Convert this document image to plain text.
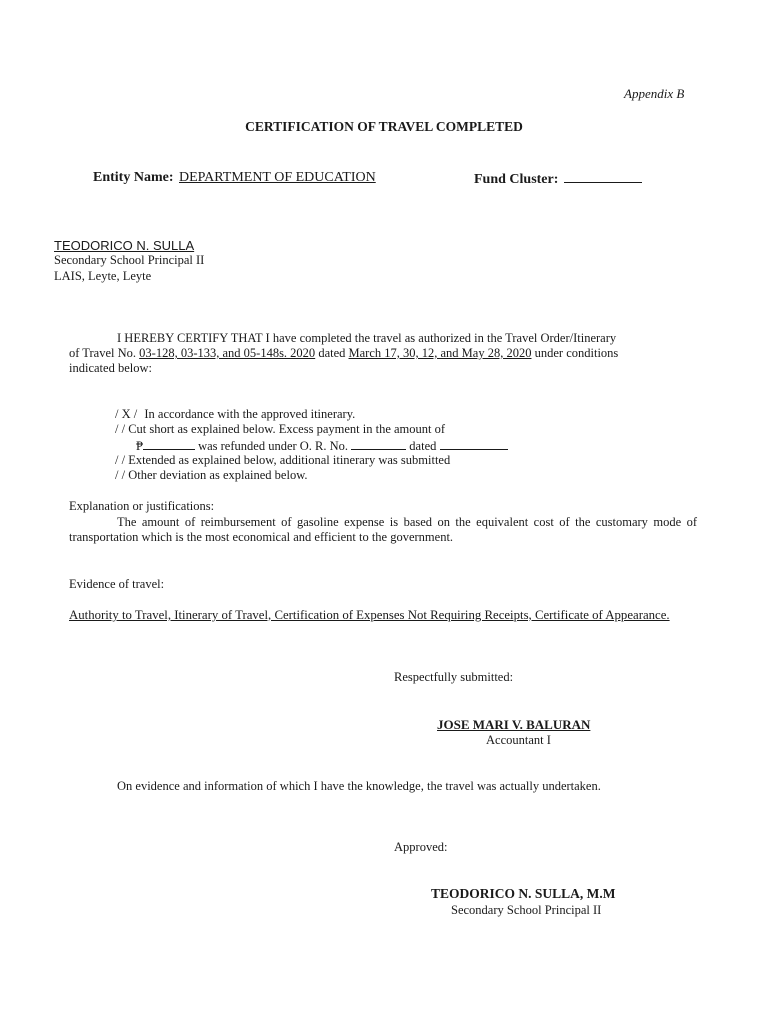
Appendix B
CERTIFICATION OF TRAVEL COMPLETED
Entity Name: DEPARTMENT OF EDUCATION	Fund Cluster:
TEODORICO N. SULLA
Secondary School Principal II
LAIS, Leyte, Leyte
I HEREBY CERTIFY THAT I have completed the travel as authorized in the Travel Order/Itinerary
of Travel No. 03-128, 03-133, and 05-148s. 2020 dated March 17, 30, 12, and May 28, 2020 under conditions
indicated below:
/ X / In accordance with the approved itinerary.
/ / Cut short as explained below. Excess payment in the amount of
₱	was refunded under O. R. No.	dated
/ / Extended as explained below, additional itinerary was submitted
/ / Other deviation as explained below.
Explanation or justifications:
The amount of reimbursement of gasoline expense is based on the equivalent cost of the customary mode of transportation which is the most economical and efficient to the government.
Evidence of travel:
Authority to Travel, Itinerary of Travel, Certification of Expenses Not Requiring Receipts, Certificate of Appearance.
Respectfully submitted:
JOSE MARI V. BALURAN
Accountant I
On evidence and information of which I have the knowledge, the travel was actually undertaken.
Approved:
TEODORICO N. SULLA, M.M
Secondary School Principal II
